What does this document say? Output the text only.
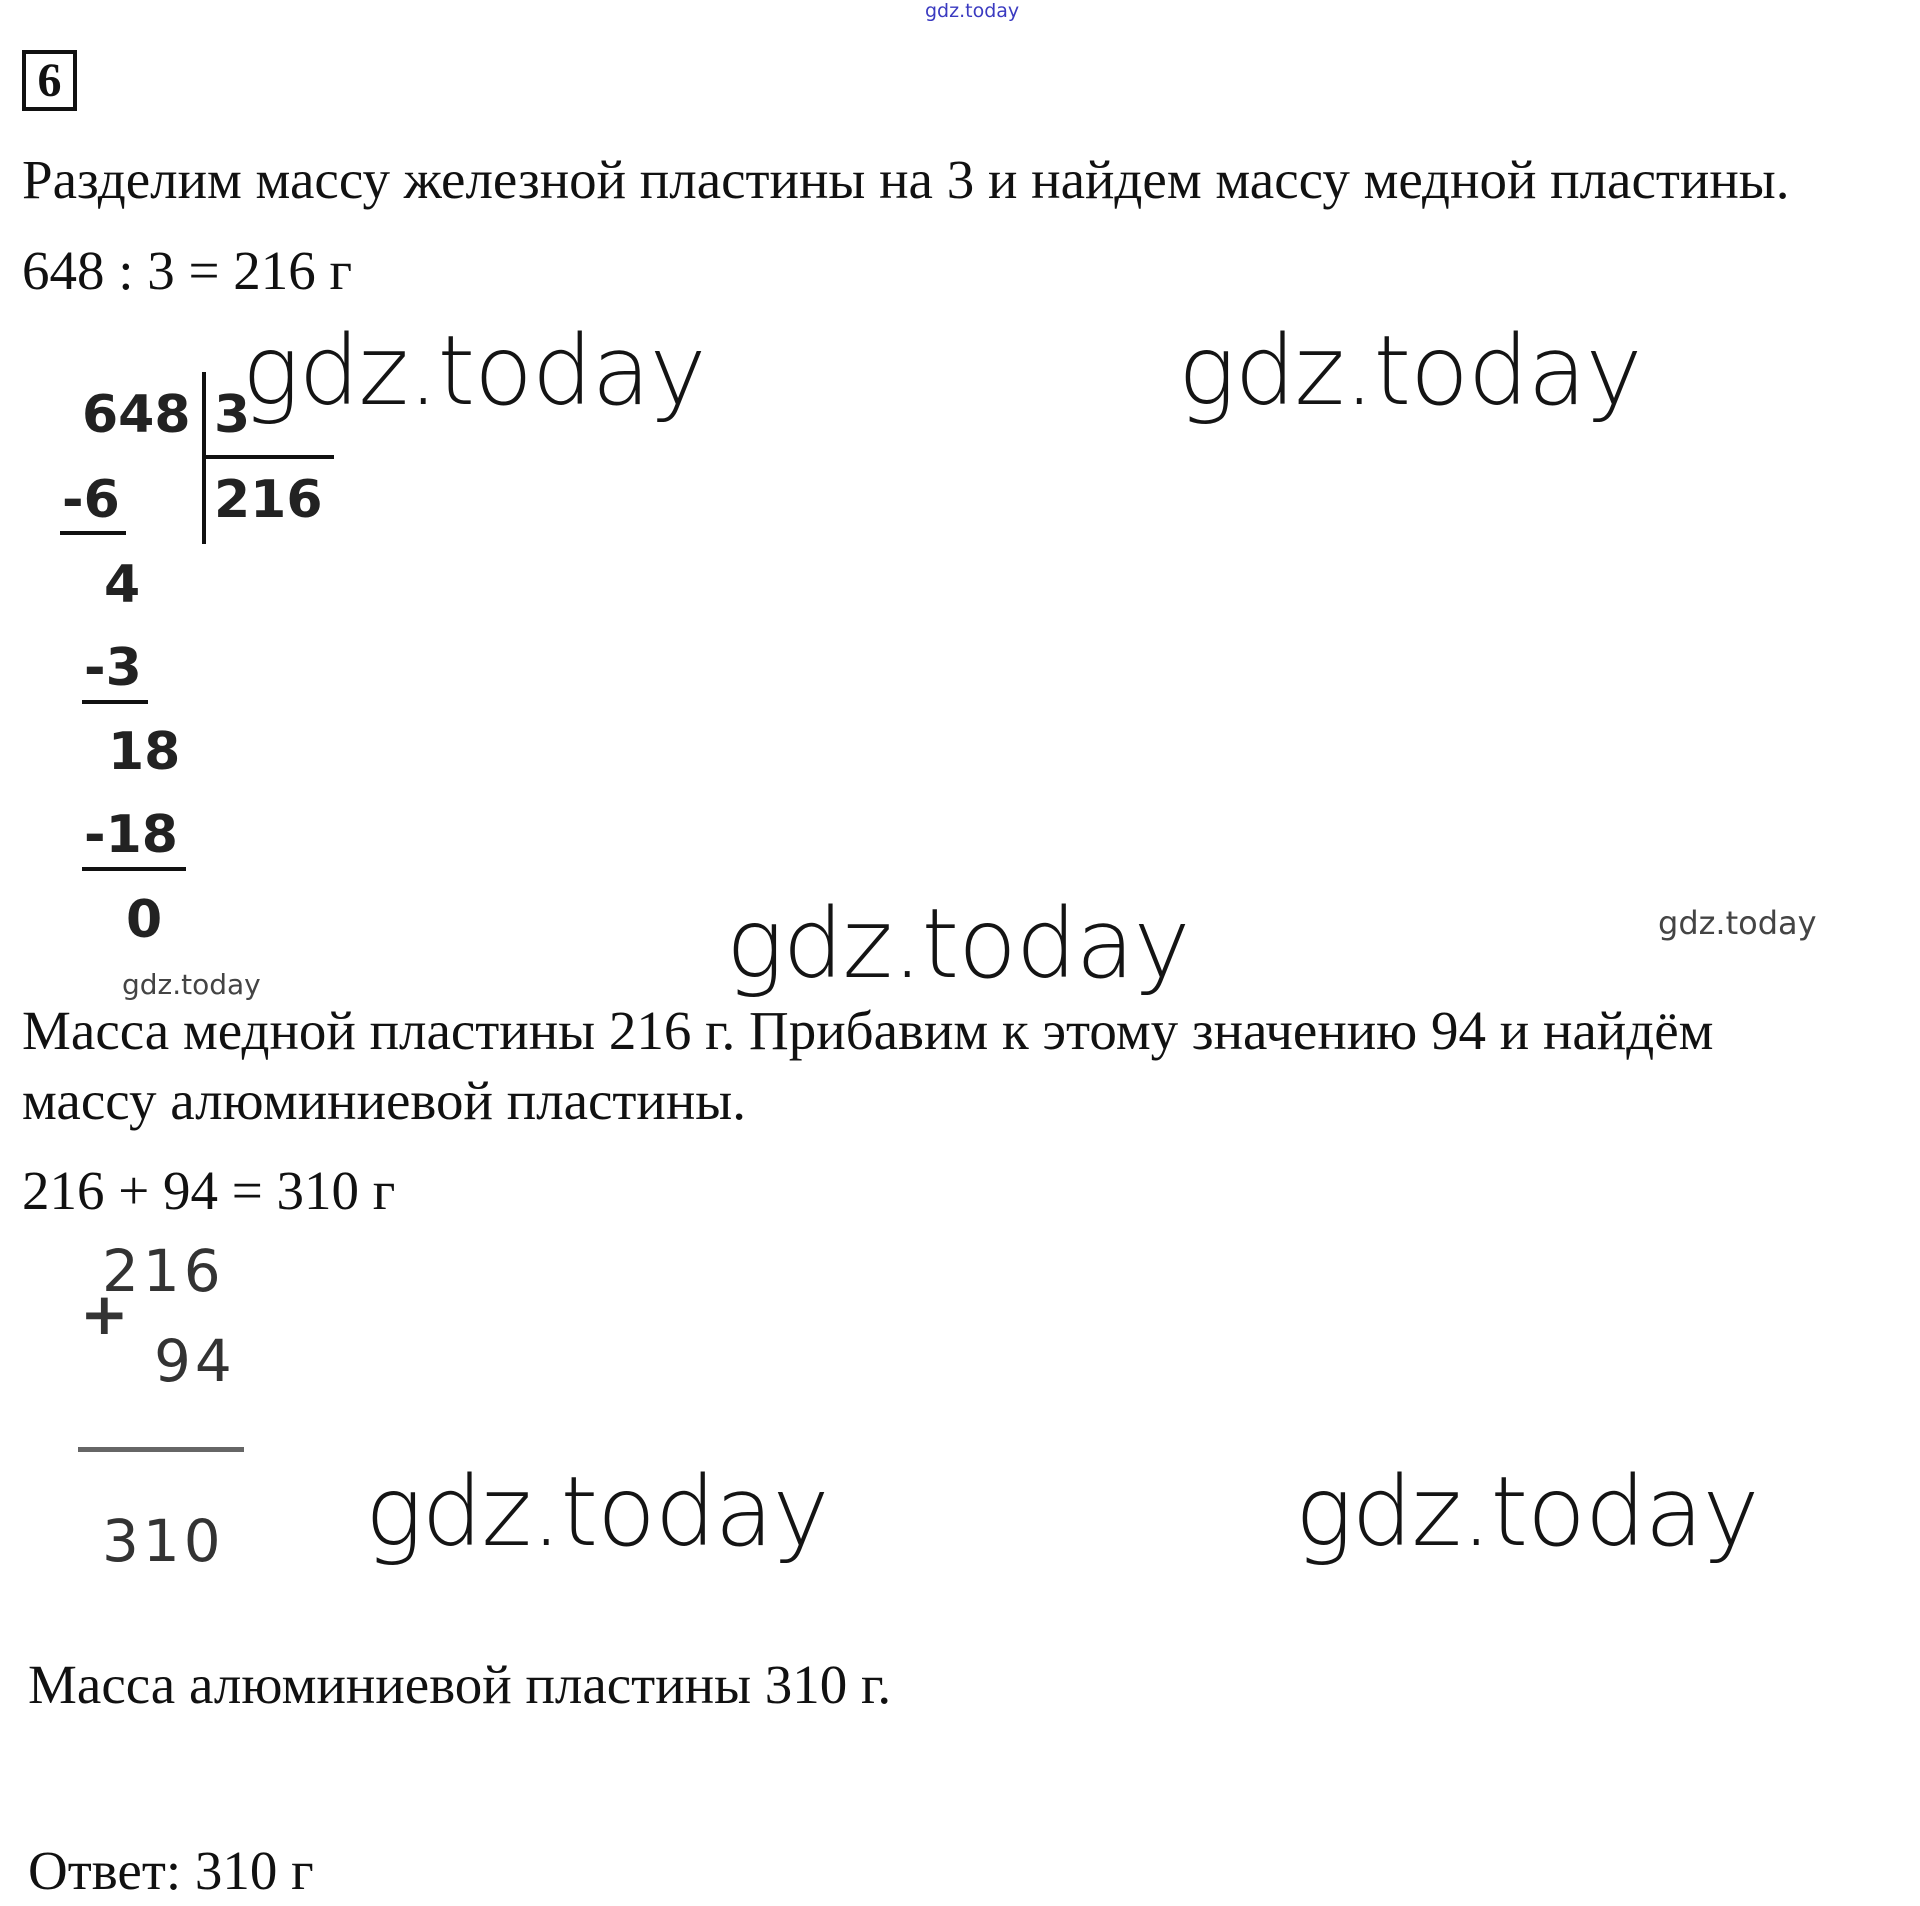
gdz.today
6
Разделим массу железной пластины на 3 и найдем массу медной пластины.
648 : 3 = 216 г
648 3
216
-6
4
-3
18
-18
0
gdz.today	gdz.today
gdz.today	gdz.today
gdz.today
Масса медной пластины 216 г. Прибавим к этому значению 94 и найдём
массу алюминиевой пластины.
216 + 94 = 310 г
216
+
94
310 gdz.today	gdz.today
Масса алюминиевой пластины 310 г.
Ответ: 310 г
